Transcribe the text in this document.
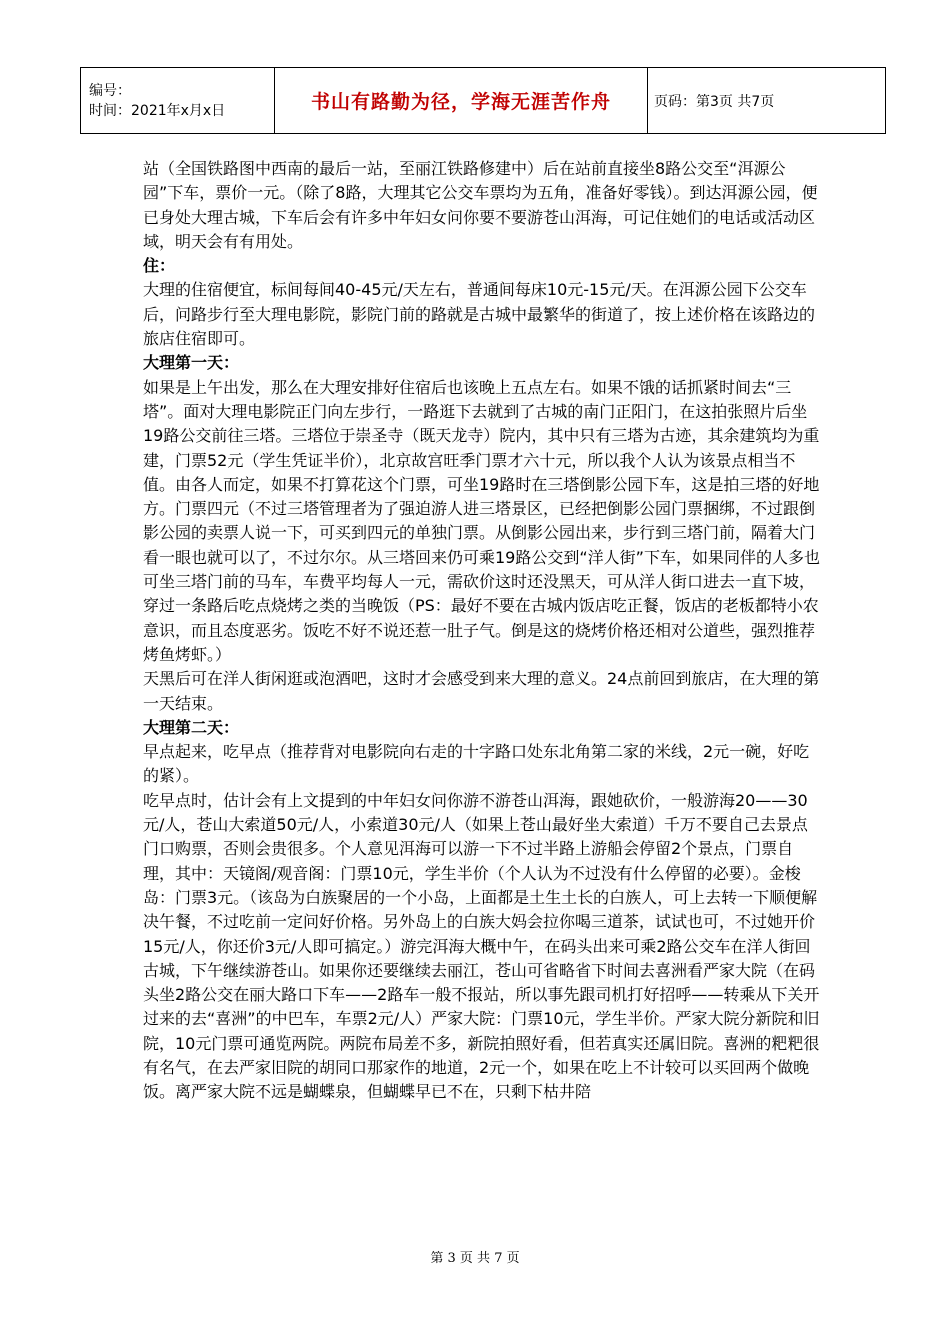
编号：
时间：2021年x月x日	书山有路勤为径，学海无涯苦作舟	页码：第3页 共7页

站（全国铁路图中西南的最后一站，至丽江铁路修建中）后在站前直接坐8路公交至“洱源公园”下车，票价一元。（除了8路，大理其它公交车票均为五角，准备好零钱）。到达洱源公园，便已身处大理古城，下车后会有许多中年妇女问你要不要游苍山洱海，可记住她们的电话或活动区域，明天会有有用处。

住：

大理的住宿便宜，标间每间40-45元/天左右，普通间每床10元-15元/天。在洱源公园下公交车后，问路步行至大理电影院，影院门前的路就是古城中最繁华的街道了，按上述价格在该路边的旅店住宿即可。

大理第一天：

如果是上午出发，那么在大理安排好住宿后也该晚上五点左右。如果不饿的话抓紧时间去“三塔”。面对大理电影院正门向左步行，一路逛下去就到了古城的南门正阳门，在这拍张照片后坐19路公交前往三塔。三塔位于崇圣寺（既天龙寺）院内，其中只有三塔为古迹，其余建筑均为重建，门票52元（学生凭证半价），北京故宫旺季门票才六十元，所以我个人认为该景点相当不值。由各人而定，如果不打算花这个门票，可坐19路时在三塔倒影公园下车，这是拍三塔的好地方。门票四元（不过三塔管理者为了强迫游人进三塔景区，已经把倒影公园门票捆绑，不过跟倒影公园的卖票人说一下，可买到四元的单独门票。从倒影公园出来，步行到三塔门前，隔着大门看一眼也就可以了，不过尔尔。从三塔回来仍可乘19路公交到“洋人街”下车，如果同伴的人多也可坐三塔门前的马车，车费平均每人一元，需砍价这时还没黑天，可从洋人街口进去一直下坡，穿过一条路后吃点烧烤之类的当晚饭（PS：最好不要在古城内饭店吃正餐，饭店的老板都特小农意识，而且态度恶劣。饭吃不好不说还惹一肚子气。倒是这的烧烤价格还相对公道些，强烈推荐烤鱼烤虾。）

天黑后可在洋人街闲逛或泡酒吧，这时才会感受到来大理的意义。24点前回到旅店，在大理的第一天结束。

大理第二天：

早点起来，吃早点（推荐背对电影院向右走的十字路口处东北角第二家的米线，2元一碗，好吃的紧）。

吃早点时，估计会有上文提到的中年妇女问你游不游苍山洱海，跟她砍价，一般游海20——30元/人，苍山大索道50元/人，小索道30元/人（如果上苍山最好坐大索道）千万不要自己去景点门口购票，否则会贵很多。个人意见洱海可以游一下不过半路上游船会停留2个景点，门票自理，其中：天镜阁/观音阁：门票10元，学生半价（个人认为不过没有什么停留的必要）。金梭岛：门票3元。（该岛为白族聚居的一个小岛，上面都是土生土长的白族人，可上去转一下顺便解决午餐，不过吃前一定问好价格。另外岛上的白族大妈会拉你喝三道茶，试试也可，不过她开价15元/人，你还价3元/人即可搞定。）游完洱海大概中午，在码头出来可乘2路公交车在洋人街回古城，下午继续游苍山。如果你还要继续去丽江，苍山可省略省下时间去喜洲看严家大院（在码头坐2路公交在丽大路口下车——2路车一般不报站，所以事先跟司机打好招呼——转乘从下关开过来的去“喜洲”的中巴车，车票2元/人）严家大院：门票10元，学生半价。严家大院分新院和旧院，10元门票可通览两院。两院布局差不多，新院拍照好看，但若真实还属旧院。喜洲的粑粑很有名气，在去严家旧院的胡同口那家作的地道，2元一个，如果在吃上不计较可以买回两个做晚饭。离严家大院不远是蝴蝶泉，但蝴蝶早已不在，只剩下枯井陪

第 3 页 共 7 页
